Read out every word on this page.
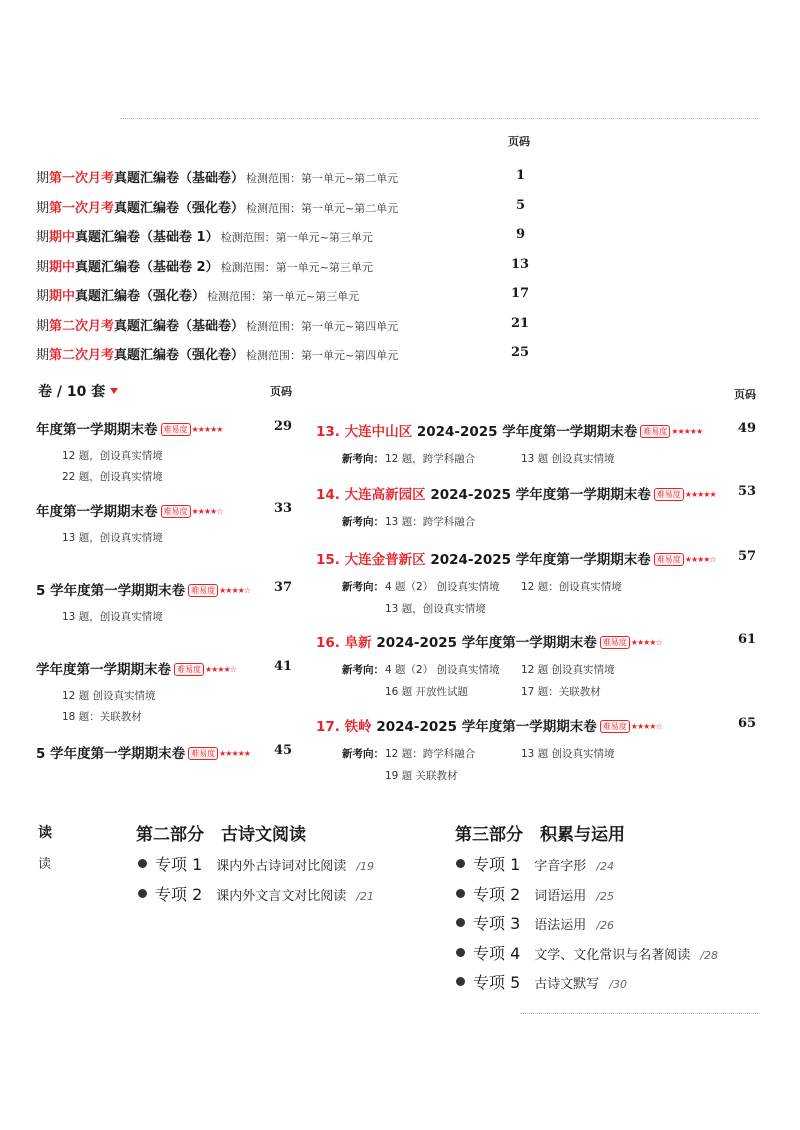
页码
期第一次月考真题汇编卷（基础卷） 检测范围：第一单元~第二单元	1
期第一次月考真题汇编卷（强化卷） 检测范围：第一单元~第二单元	5
期期中真题汇编卷（基础卷 1） 检测范围：第一单元~第三单元	9
期期中真题汇编卷（基础卷 2） 检测范围：第一单元~第三单元	13
期期中真题汇编卷（强化卷） 检测范围：第一单元~第三单元	17
期第二次月考真题汇编卷（基础卷） 检测范围：第一单元~第四单元	21
期第二次月考真题汇编卷（强化卷） 检测范围：第一单元~第四单元	25
卷 / 10 套	页码	页码
年度第一学期期末卷 难易度 ★★★★★	29
12 题，创设真实情境
22 题，创设真实情境
年度第一学期期末卷 难易度 ★★★★☆	33
13 题，创设真实情境
5 学年度第一学期期末卷 难易度 ★★★★☆ 37
13 题，创设真实情境
学年度第一学期期末卷 难易度 ★★★★☆	41
12 题 创设真实情境
18 题：关联教材
5 学年度第一学期期末卷 难易度 ★★★★★ 45
13. 大连中山区 2024-2025 学年度第一学期期末卷 难易度 ★★★★★	49
新考向： 12 题，跨学科融合	13 题 创设真实情境
14. 大连高新园区 2024-2025 学年度第一学期期末卷 难易度 ★★★★★ 53
新考向： 13 题：跨学科融合
15. 大连金普新区 2024-2025 学年度第一学期期末卷 难易度 ★★★★☆ 57
新考向： 4 题（2） 创设真实情境 12 题：创设真实情境
13 题，创设真实情境
16. 阜新 2024-2025 学年度第一学期期末卷 难易度 ★★★★☆	61
新考向： 4 题（2） 创设真实情境 12 题 创设真实情境
16 题 开放性试题	17 题：关联教材
17. 铁岭 2024-2025 学年度第一学期期末卷 难易度 ★★★★☆	65
新考向： 12 题：跨学科融合	13 题 创设真实情境
19 题 关联教材
读
读
第二部分　古诗文阅读
专项 1 课内外古诗词对比阅读 /19
专项 2 课内外文言文对比阅读 /21
第三部分　积累与运用
专项 1 字音字形 /24
专项 2 词语运用 /25
专项 3 语法运用 /26
专项 4 文学、文化常识与名著阅读 /28
专项 5 古诗文默写 /30
